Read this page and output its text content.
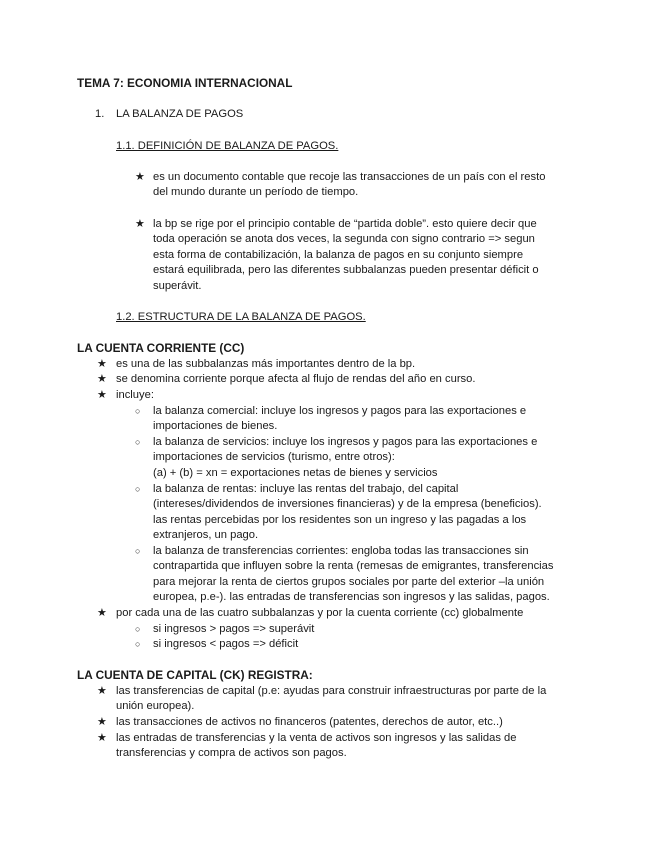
TEMA 7: ECONOMIA INTERNACIONAL
1. LA BALANZA DE PAGOS
1.1. DEFINICIÓN DE BALANZA DE PAGOS.
★ es un documento contable que recoje las transacciones de un país con el resto
del mundo durante un período de tiempo.
★ la bp se rige por el principio contable de “partida doble”. esto quiere decir que
toda operación se anota dos veces, la segunda con signo contrario => segun
esta forma de contabilización, la balanza de pagos en su conjunto siempre
estará equilibrada, pero las diferentes subbalanzas pueden presentar déficit o
superávit.
1.2. ESTRUCTURA DE LA BALANZA DE PAGOS.
LA CUENTA CORRIENTE (CC)
★ es una de las subbalanzas más importantes dentro de la bp.
★ se denomina corriente porque afecta al flujo de rendas del año en curso.
★ incluye:
○ la balanza comercial: incluye los ingresos y pagos para las exportaciones e
importaciones de bienes.
○ la balanza de servicios: incluye los ingresos y pagos para las exportaciones e
importaciones de servicios (turismo, entre otros):
(a) + (b) = xn = exportaciones netas de bienes y servicios
○ la balanza de rentas: incluye las rentas del trabajo, del capital
(intereses/dividendos de inversiones financieras) y de la empresa (beneficios).
las rentas percebidas por los residentes son un ingreso y las pagadas a los
extranjeros, un pago.
○ la balanza de transferencias corrientes: engloba todas las transacciones sin
contrapartida que influyen sobre la renta (remesas de emigrantes, transferencias
para mejorar la renta de ciertos grupos sociales por parte del exterior –la unión
europea, p.e-). las entradas de transferencias son ingresos y las salidas, pagos.
★ por cada una de las cuatro subbalanzas y por la cuenta corriente (cc) globalmente
○ si ingresos > pagos => superávit
○ si ingresos < pagos => déficit
LA CUENTA DE CAPITAL (CK) REGISTRA:
★ las transferencias de capital (p.e: ayudas para construir infraestructuras por parte de la
unión europea).
★ las transacciones de activos no financeros (patentes, derechos de autor, etc..)
★ las entradas de transferencias y la venta de activos son ingresos y las salidas de
transferencias y compra de activos son pagos.
